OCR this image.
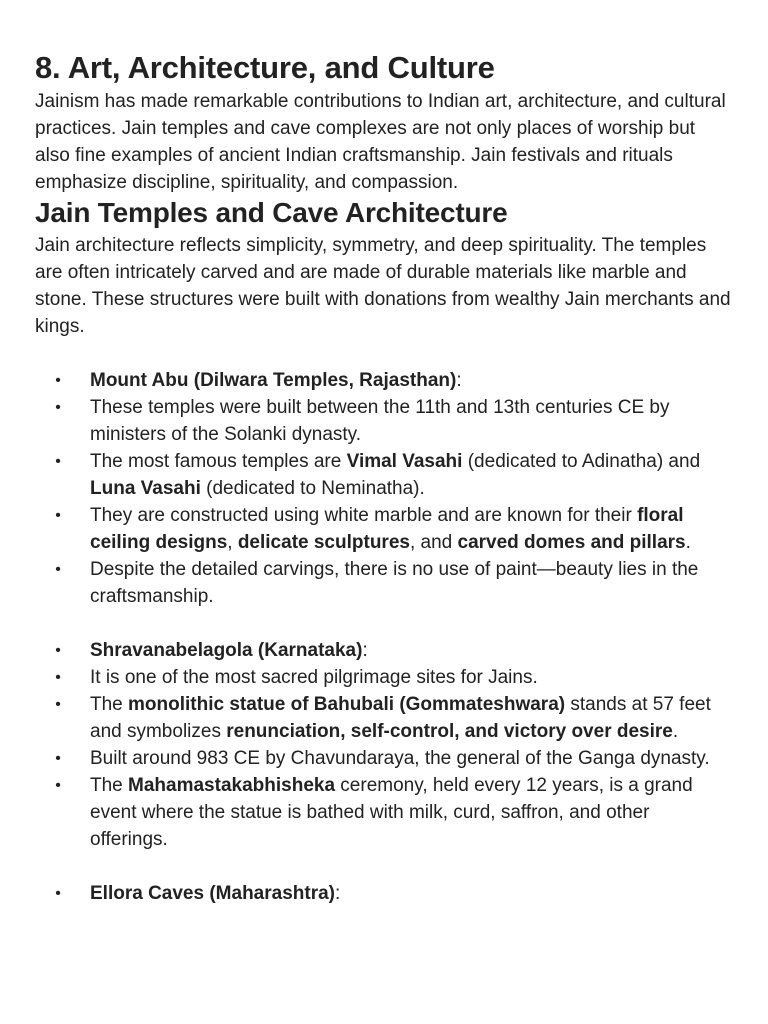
8. Art, Architecture, and Culture

Jainism has made remarkable contributions to Indian art, architecture, and cultural practices. Jain temples and cave complexes are not only places of worship but also fine examples of ancient Indian craftsmanship. Jain festivals and rituals emphasize discipline, spirituality, and compassion.

Jain Temples and Cave Architecture

Jain architecture reflects simplicity, symmetry, and deep spirituality. The temples are often intricately carved and are made of durable materials like marble and stone. These structures were built with donations from wealthy Jain merchants and kings.

• Mount Abu (Dilwara Temples, Rajasthan):
• These temples were built between the 11th and 13th centuries CE by ministers of the Solanki dynasty.
• The most famous temples are Vimal Vasahi (dedicated to Adinatha) and Luna Vasahi (dedicated to Neminatha).
• They are constructed using white marble and are known for their floral ceiling designs, delicate sculptures, and carved domes and pillars.
• Despite the detailed carvings, there is no use of paint—beauty lies in the craftsmanship.
• Shravanabelagola (Karnataka):
• It is one of the most sacred pilgrimage sites for Jains.
• The monolithic statue of Bahubali (Gommateshwara) stands at 57 feet and symbolizes renunciation, self-control, and victory over desire.
• Built around 983 CE by Chavundaraya, the general of the Ganga dynasty.
• The Mahamastakabhisheka ceremony, held every 12 years, is a grand event where the statue is bathed with milk, curd, saffron, and other offerings.
• Ellora Caves (Maharashtra):
